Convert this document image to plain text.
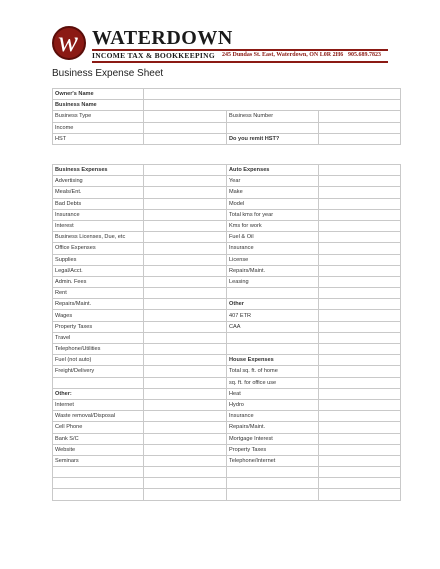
w WATERDOWN
INCOME TAX & BOOKKEEPING 245 Dundas St. East, Waterdown, ON L0R 2H6 905.689.7823
Business Expense Sheet
Owner's Name			
Business Name			
Business Type		Business Number	
Income			
HST		Do you remit HST?	
Business Expenses		Auto Expenses	
Advertising		Year	
Meals/Ent.		Make	
Bad Debts		Model	
Insurance		Total kms for year	
Interest		Kms for work	
Business Licenses, Due, etc		Fuel & Oil	
Office Expenses		Insurance	
Supplies		License	
Legal/Acct.		Repairs/Maint.	
Admin. Fees		Leasing	
Rent			
Repairs/Maint.		Other	
Wages		407 ETR	
Property Taxes		CAA	
Travel			
Telephone/Utilities			
Fuel (not auto)		House Expenses	
Freight/Delivery		Total sq. ft. of home	
		sq. ft. for office use	
Other:		Heat	
Internet		Hydro	
Waste removal/Disposal		Insurance	
Cell Phone		Repairs/Maint.	
Bank S/C		Mortgage Interest	
Website		Property Taxes	
Seminars		Telephone/Internet	
